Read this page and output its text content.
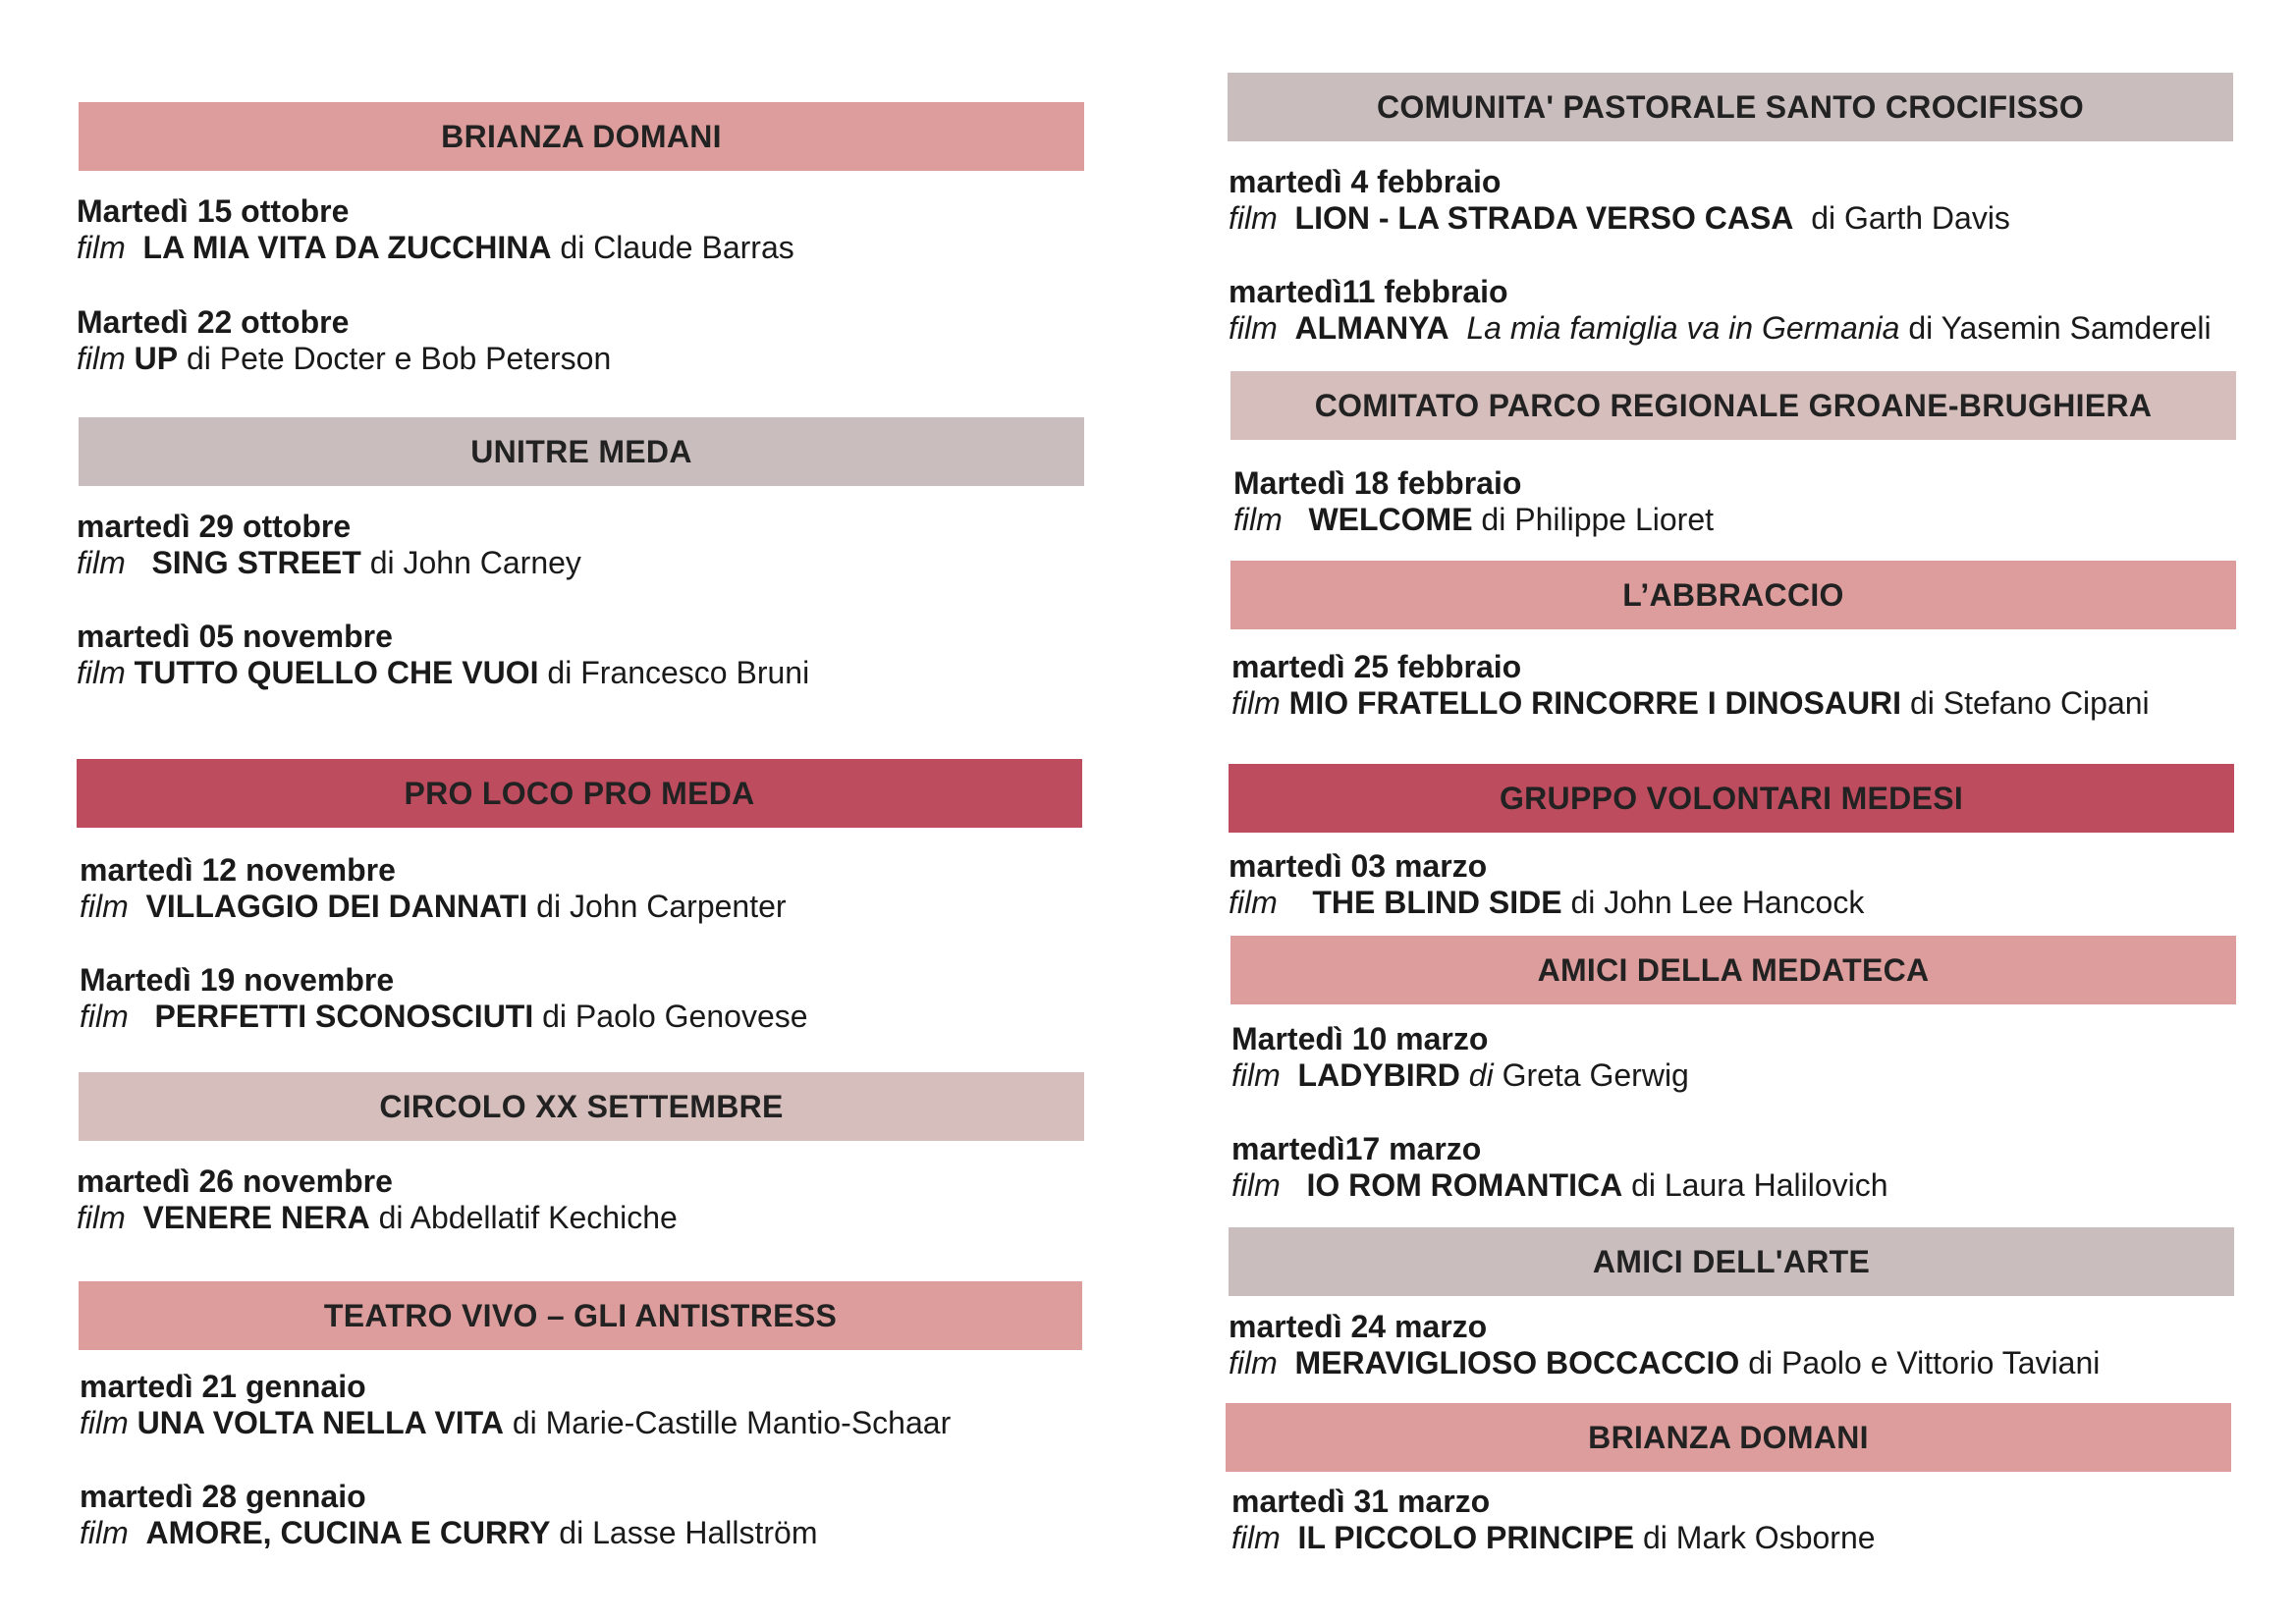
BRIANZA DOMANI
Martedì 15 ottobre
film LA MIA VITA DA ZUCCHINA di Claude Barras
Martedì 22 ottobre
film UP di Pete Docter e Bob Peterson
UNITRE MEDA
martedì 29 ottobre
film SING STREET di John Carney
martedì 05 novembre
film TUTTO QUELLO CHE VUOI di Francesco Bruni
PRO LOCO PRO MEDA
martedì 12 novembre
film VILLAGGIO DEI DANNATI di John Carpenter
Martedì 19 novembre
film PERFETTI SCONOSCIUTI di Paolo Genovese
CIRCOLO XX SETTEMBRE
martedì 26 novembre
film VENERE NERA di Abdellatif Kechiche
TEATRO VIVO – GLI ANTISTRESS
martedì 21 gennaio
film UNA VOLTA NELLA VITA di Marie-Castille Mantio-Schaar
martedì 28 gennaio
film AMORE, CUCINA E CURRY di Lasse Hallström
COMUNITA' PASTORALE SANTO CROCIFISSO
martedì 4 febbraio
film LION - LA STRADA VERSO CASA di Garth Davis
martedì11 febbraio
film ALMANYA La mia famiglia va in Germania di Yasemin Samdereli
COMITATO PARCO REGIONALE GROANE-BRUGHIERA
Martedì 18 febbraio
film WELCOME di Philippe Lioret
L’ABBRACCIO
martedì 25 febbraio
film MIO FRATELLO RINCORRE I DINOSAURI di Stefano Cipani
GRUPPO VOLONTARI MEDESI
martedì 03 marzo
film THE BLIND SIDE di John Lee Hancock
AMICI DELLA MEDATECA
Martedì 10 marzo
film LADYBIRD di Greta Gerwig
martedì17 marzo
film IO ROM ROMANTICA di Laura Halilovich
AMICI DELL'ARTE
martedì 24 marzo
film MERAVIGLIOSO BOCCACCIO di Paolo e Vittorio Taviani
BRIANZA DOMANI
martedì 31 marzo
film IL PICCOLO PRINCIPE di Mark Osborne
